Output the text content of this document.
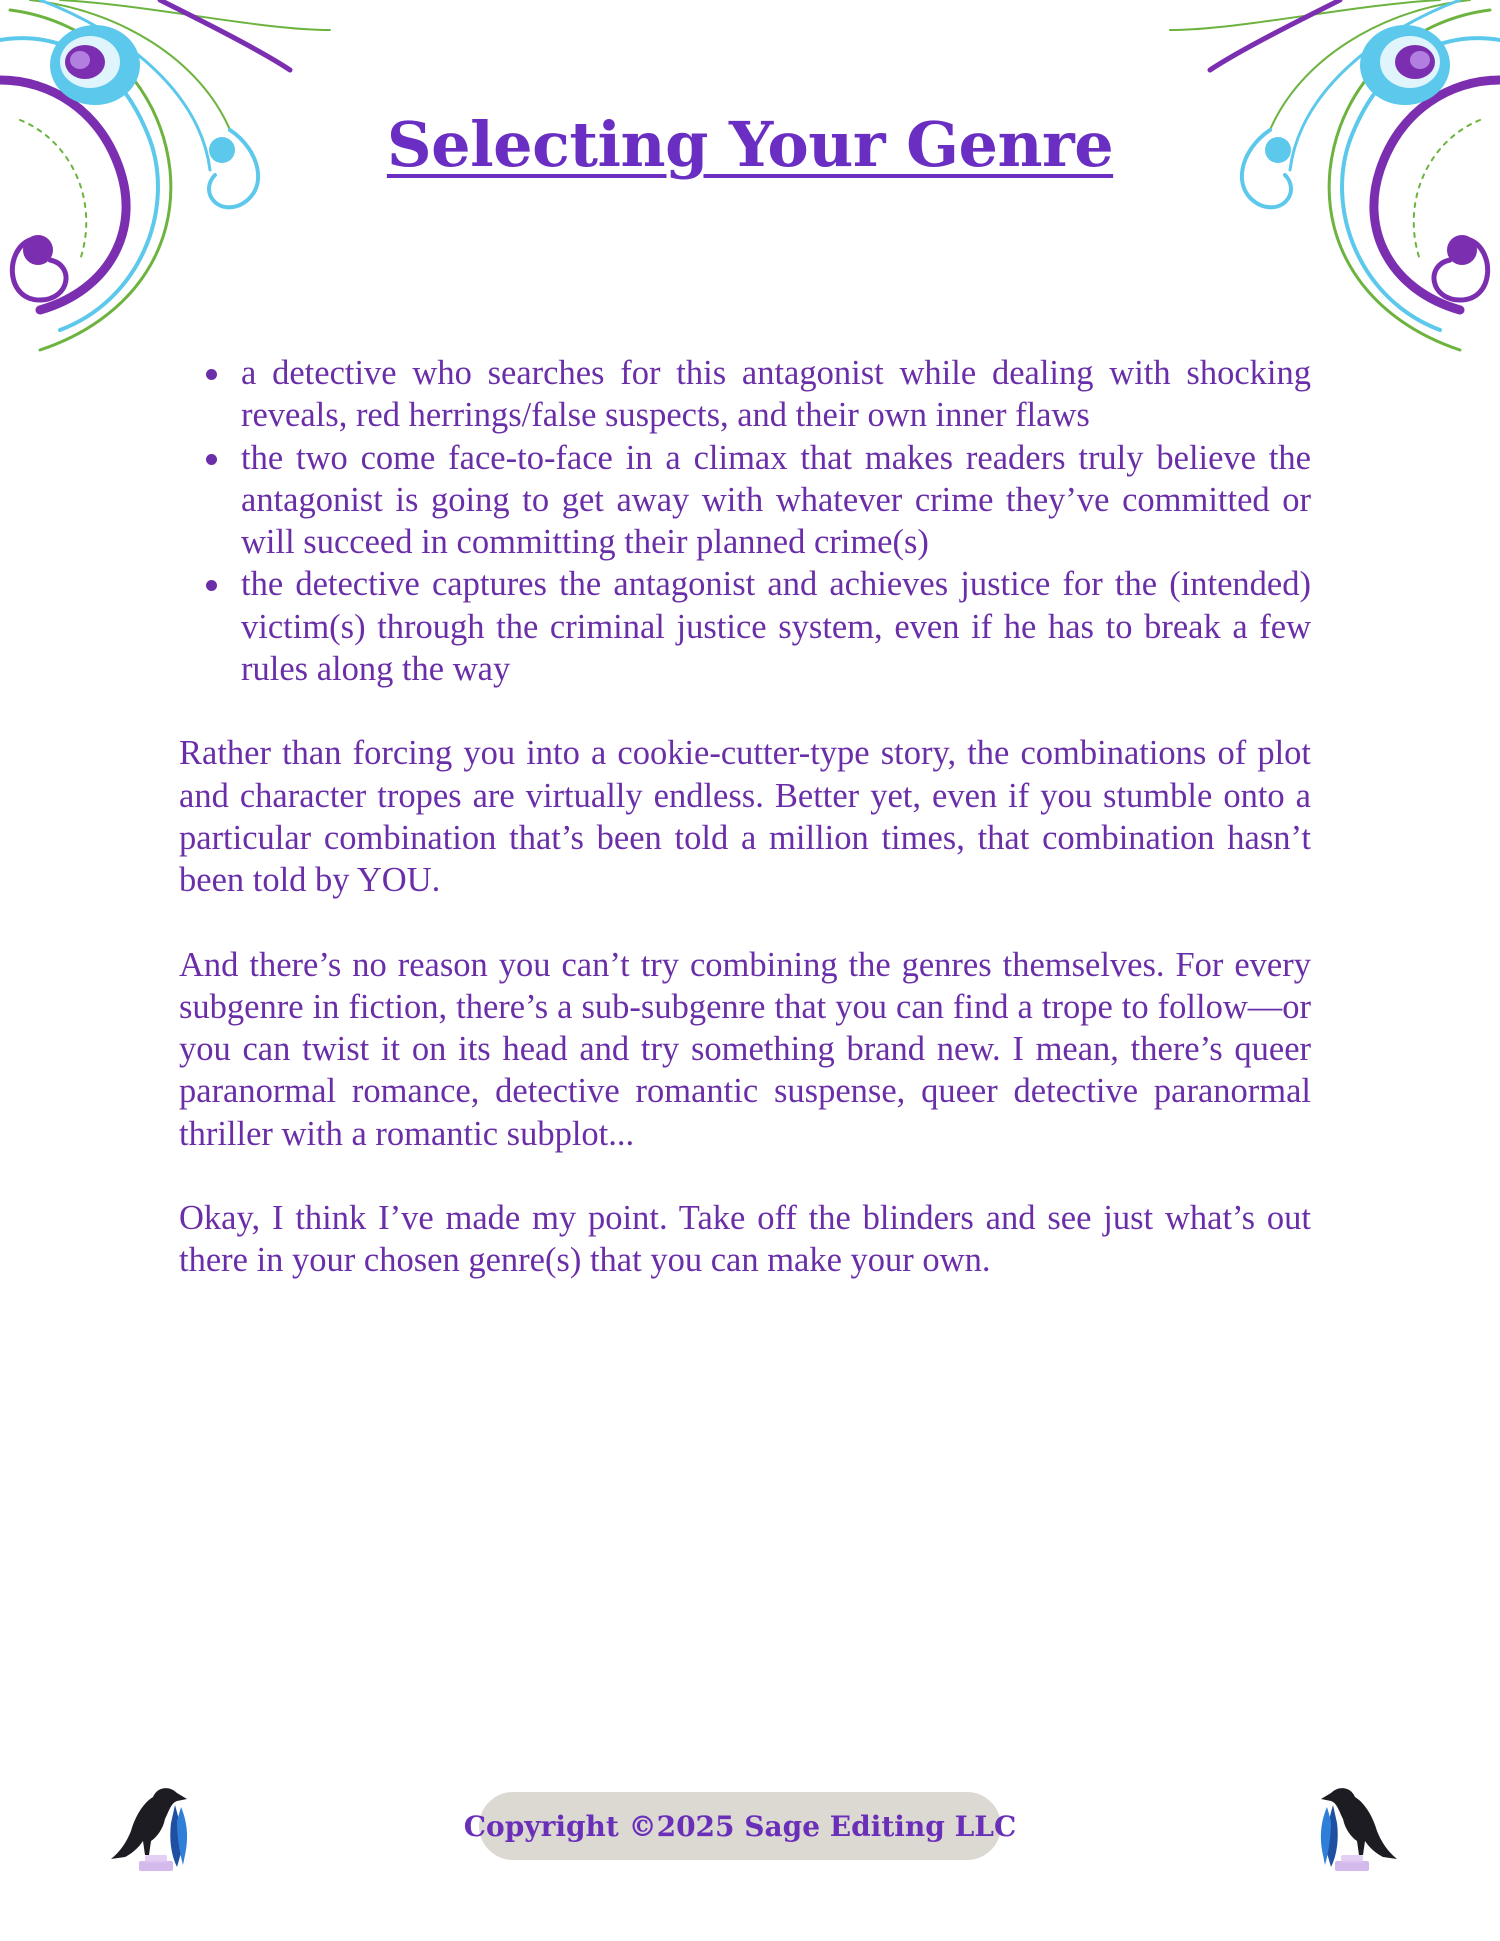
Selecting Your Genre
a detective who searches for this antagonist while dealing with shocking reveals, red herrings/false suspects, and their own inner flaws
the two come face-to-face in a climax that makes readers truly believe the antagonist is going to get away with whatever crime they’ve committed or will succeed in committing their planned crime(s)
the detective captures the antagonist and achieves justice for the (intended) victim(s) through the criminal justice system, even if he has to break a few rules along the way

Rather than forcing you into a cookie-cutter-type story, the combinations of plot and character tropes are virtually endless. Better yet, even if you stumble onto a particular combination that’s been told a million times, that combination hasn’t been told by YOU.

And there’s no reason you can’t try combining the genres themselves. For every subgenre in fiction, there’s a sub-subgenre that you can find a trope to follow—or you can twist it on its head and try something brand new. I mean, there’s queer paranormal romance, detective romantic suspense, queer detective paranormal thriller with a romantic subplot...

Okay, I think I’ve made my point. Take off the blinders and see just what’s out there in your chosen genre(s) that you can make your own.

Copyright ©2025 Sage Editing LLC
